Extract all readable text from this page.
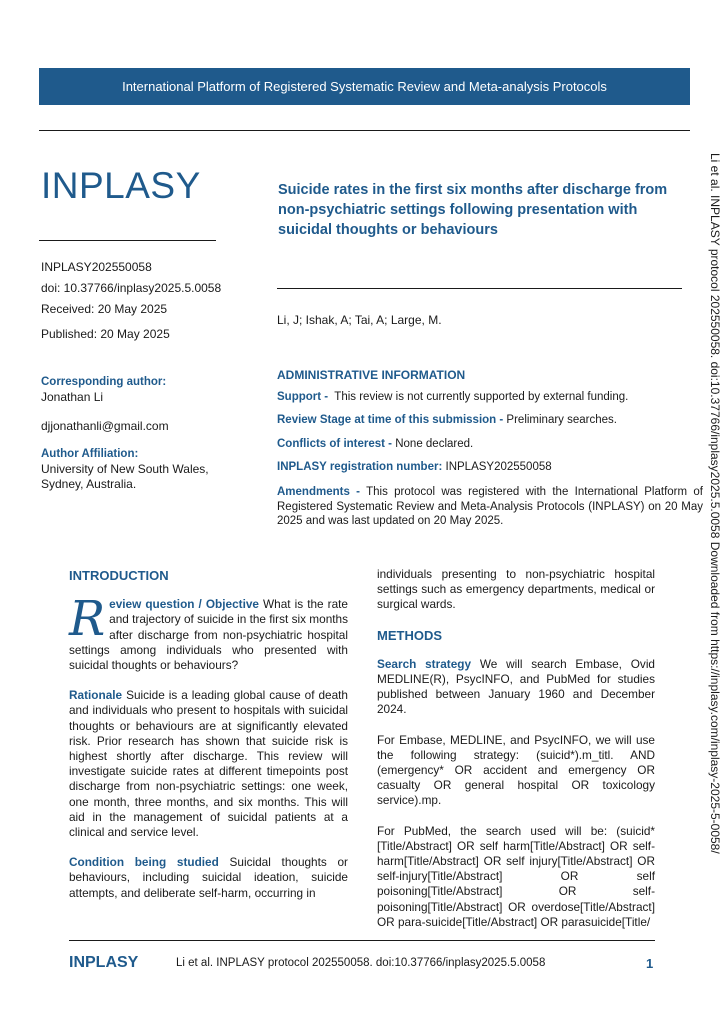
International Platform of Registered Systematic Review and Meta-analysis Protocols
INPLASY
INPLASY202550058
doi: 10.37766/inplasy2025.5.0058
Received: 20 May 2025
Published: 20 May 2025
Suicide rates in the first six months after discharge from non-psychiatric settings following presentation with suicidal thoughts or behaviours
Li, J; Ishak, A; Tai, A; Large, M.
Corresponding author:
Jonathan Li
djjonathanli@gmail.com
Author Affiliation:
University of New South Wales, Sydney, Australia.
ADMINISTRATIVE INFORMATION
Support - This review is not currently supported by external funding.
Review Stage at time of this submission - Preliminary searches.
Conflicts of interest - None declared.
INPLASY registration number: INPLASY202550058
Amendments - This protocol was registered with the International Platform of Registered Systematic Review and Meta-Analysis Protocols (INPLASY) on 20 May 2025 and was last updated on 20 May 2025.
INTRODUCTION

R eview question / Objective What is the rate and trajectory of suicide in the first six months after discharge from non-psychiatric hospital settings among individuals who presented with suicidal thoughts or behaviours?

Rationale Suicide is a leading global cause of death and individuals who present to hospitals with suicidal thoughts or behaviours are at significantly elevated risk. Prior research has shown that suicide risk is highest shortly after discharge. This review will investigate suicide rates at different timepoints post discharge from non-psychiatric settings: one week, one month, three months, and six months. This will aid in the management of suicidal patients at a clinical and service level.

Condition being studied Suicidal thoughts or behaviours, including suicidal ideation, suicide attempts, and deliberate self-harm, occurring in

individuals presenting to non-psychiatric hospital settings such as emergency departments, medical or surgical wards.

METHODS

Search strategy We will search Embase, Ovid MEDLINE(R), PsycINFO, and PubMed for studies published between January 1960 and December 2024.

For Embase, MEDLINE, and PsycINFO, we will use the following strategy: (suicid*).m_titl. AND (emergency* OR accident and emergency OR casualty OR general hospital OR toxicology service).mp.

For PubMed, the search used will be: (suicid*[Title/Abstract] OR self harm[Title/Abstract] OR self-harm[Title/Abstract] OR self injury[Title/Abstract] OR self-injury[Title/Abstract] OR self poisoning[Title/Abstract] OR self-poisoning[Title/Abstract] OR overdose[Title/Abstract] OR para-suicide[Title/Abstract] OR parasuicide[Title/

Li et al. INPLASY protocol 202550058. doi:10.37766/inplasy2025.5.0058 Downloaded from https://inplasy.com/inplasy-2025-5-0058/
INPLASY	Li et al. INPLASY protocol 202550058. doi:10.37766/inplasy2025.5.0058	1
